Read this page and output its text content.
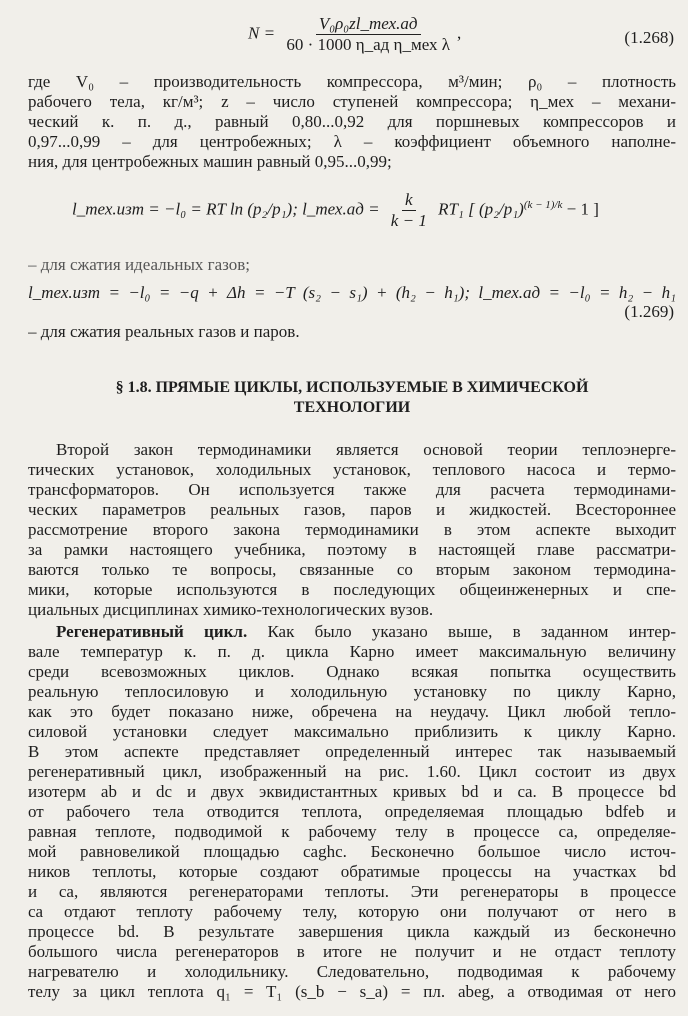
$N = \frac{\text{V₀ρ₀zl\_тех.ад}}{\text{60 · 1000 η\_ад η\_мех λ}}$ ,	(1.268)
где V₀ – производительность компрессора, м³/мин; ρ₀ – плотность
рабочего тела, кг/м³; z – число ступеней компрессора; η_мех – механи-
ческий к. п. д., равный 0,80...0,92 для поршневых компрессоров и
0,97...0,99 – для центробежных; λ – коэффициент объемного наполне-
ния, для центробежных машин равный 0,95...0,99;
l_тех.изт = −l₀ = RT ln (p₂/p₁); l_тех.ад = $\frac{k}{k - 1} RT_1$ [ $(p_2/p_1)^{(k - 1)/k} - 1$ ]
– для сжатия идеальных газов;
l_тех.изт = −l₀ = −q + Δh = −T (s₂ − s₁) + (h₂ − h₁); l_тех.ад = −l₀ = h₂ − h₁
(1.269)
– для сжатия реальных газов и паров.
§ 1.8. ПРЯМЫЕ ЦИКЛЫ, ИСПОЛЬЗУЕМЫЕ В ХИМИЧЕСКОЙ
ТЕХНОЛОГИИ
Второй закон термодинамики является основой теории теплоэнерге-
тических установок, холодильных установок, теплового насоса и термо-
трансформаторов. Он используется также для расчета термодинами-
ческих параметров реальных газов, паров и жидкостей. Всестороннее
рассмотрение второго закона термодинамики в этом аспекте выходит
за рамки настоящего учебника, поэтому в настоящей главе рассматри-
ваются только те вопросы, связанные со вторым законом термодина-
мики, которые используются в последующих общеинженерных и спе-
циальных дисциплинах химико-технологических вузов.
Регенеративный цикл. Как было указано выше, в заданном интер-
вале температур к. п. д. цикла Карно имеет максимальную величину
среди всевозможных циклов. Однако всякая попытка осуществить
реальную теплосиловую и холодильную установку по циклу Карно,
как это будет показано ниже, обречена на неудачу. Цикл любой тепло-
силовой установки следует максимально приблизить к циклу Карно.
В этом аспекте представляет определенный интерес так называемый
регенеративный цикл, изображенный на рис. 1.60. Цикл состоит из двух
изотерм ab и dc и двух эквидистантных кривых bd и ca. В процессе bd
от рабочего тела отводится теплота, определяемая площадью bdfeb и
равная теплоте, подводимой к рабочему телу в процессе ca, определяе-
мой равновеликой площадью caghc. Бесконечно большое число источ-
ников теплоты, которые создают обратимые процессы на участках bd
и ca, являются регенераторами теплоты. Эти регенераторы в процессе
ca отдают теплоту рабочему телу, которую они получают от него в
процессе bd. В результате завершения цикла каждый из бесконечно
большого числа регенераторов в итоге не получит и не отдаст теплоту
нагревателю и холодильнику. Следовательно, подводимая к рабочему
телу за цикл теплота q₁ = T₁ (s_b − s_a) = пл. abeg, а отводимая от него
